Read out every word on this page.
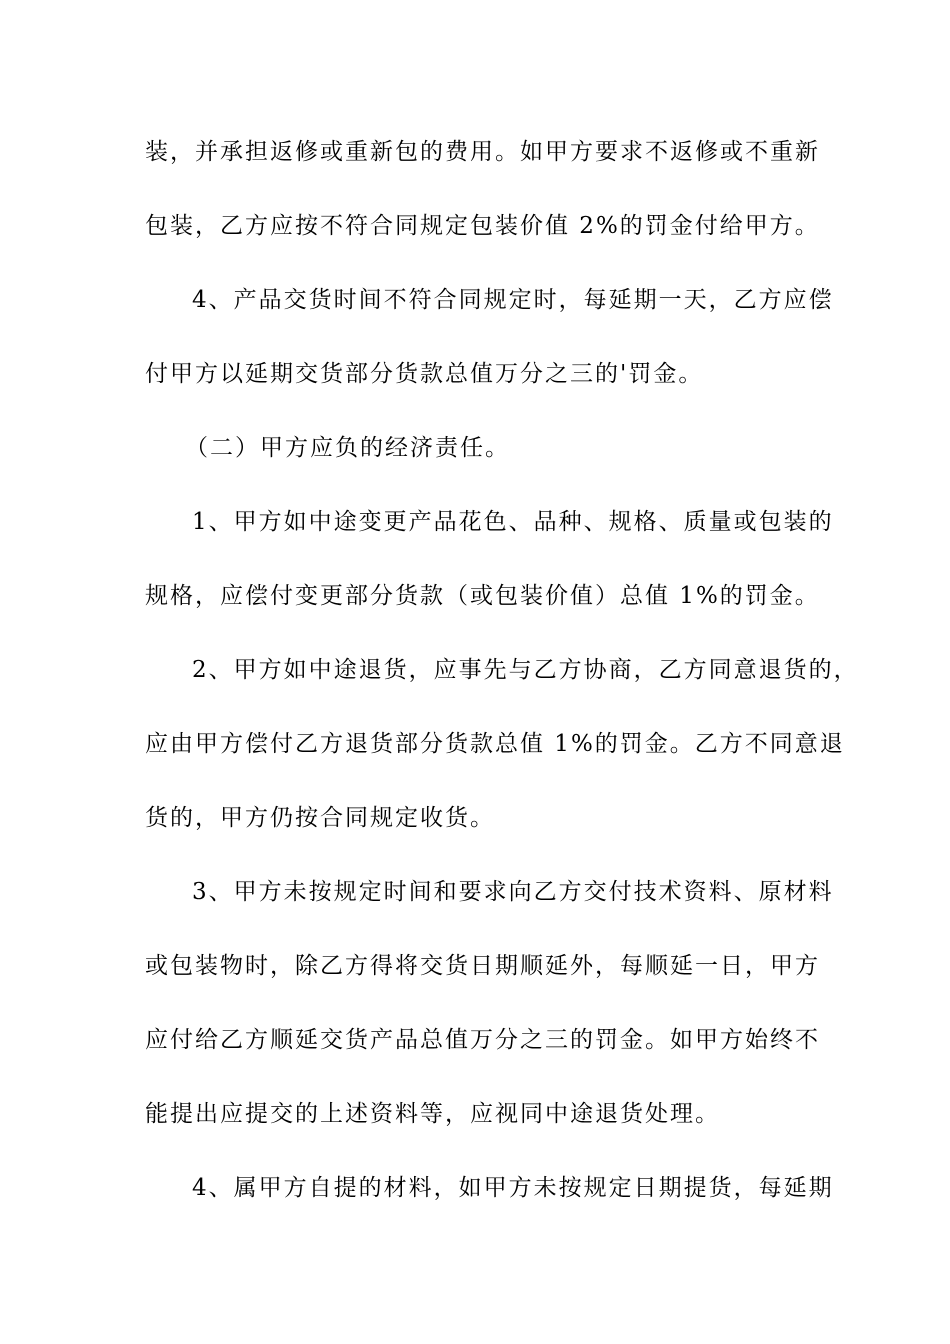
装，并承担返修或重新包的费用。如甲方要求不返修或不重新
包装，乙方应按不符合同规定包装价值 2%的罚金付给甲方。
4、产品交货时间不符合同规定时，每延期一天，乙方应偿
付甲方以延期交货部分货款总值万分之三的'罚金。
（二）甲方应负的经济责任。
1、甲方如中途变更产品花色、品种、规格、质量或包装的
规格，应偿付变更部分货款（或包装价值）总值 1%的罚金。
2、甲方如中途退货，应事先与乙方协商，乙方同意退货的，
应由甲方偿付乙方退货部分货款总值 1%的罚金。乙方不同意退
货的，甲方仍按合同规定收货。
3、甲方未按规定时间和要求向乙方交付技术资料、原材料
或包装物时，除乙方得将交货日期顺延外，每顺延一日，甲方
应付给乙方顺延交货产品总值万分之三的罚金。如甲方始终不
能提出应提交的上述资料等，应视同中途退货处理。
4、属甲方自提的材料，如甲方未按规定日期提货，每延期
